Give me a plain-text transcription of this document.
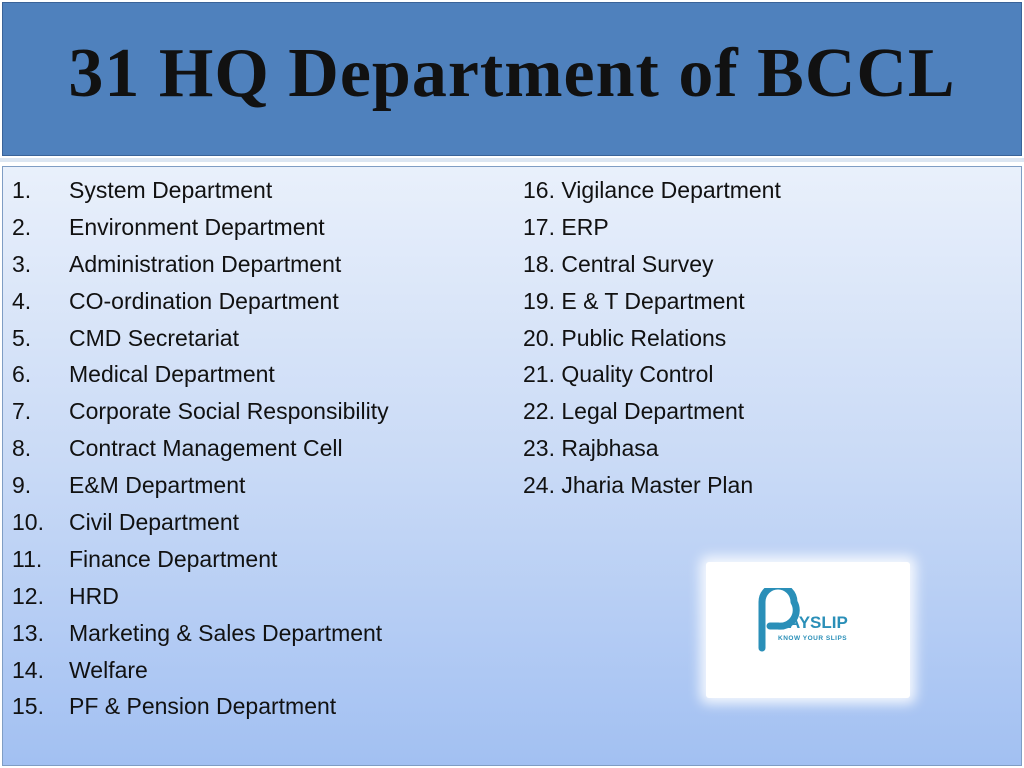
31 HQ Department of BCCL
1. System Department
2. Environment Department
3. Administration Department
4. CO-ordination Department
5. CMD Secretariat
6. Medical Department
7. Corporate Social Responsibility
8. Contract Management Cell
9. E&M Department
10. Civil Department
11. Finance Department
12. HRD
13. Marketing & Sales Department
14. Welfare
15. PF & Pension Department
16. Vigilance Department
17. ERP
18. Central Survey
19. E & T Department
20. Public Relations
21. Quality Control
22. Legal Department
23. Rajbhasa
24. Jharia Master Plan
AYSLIP
KNOW YOUR SLIPS
